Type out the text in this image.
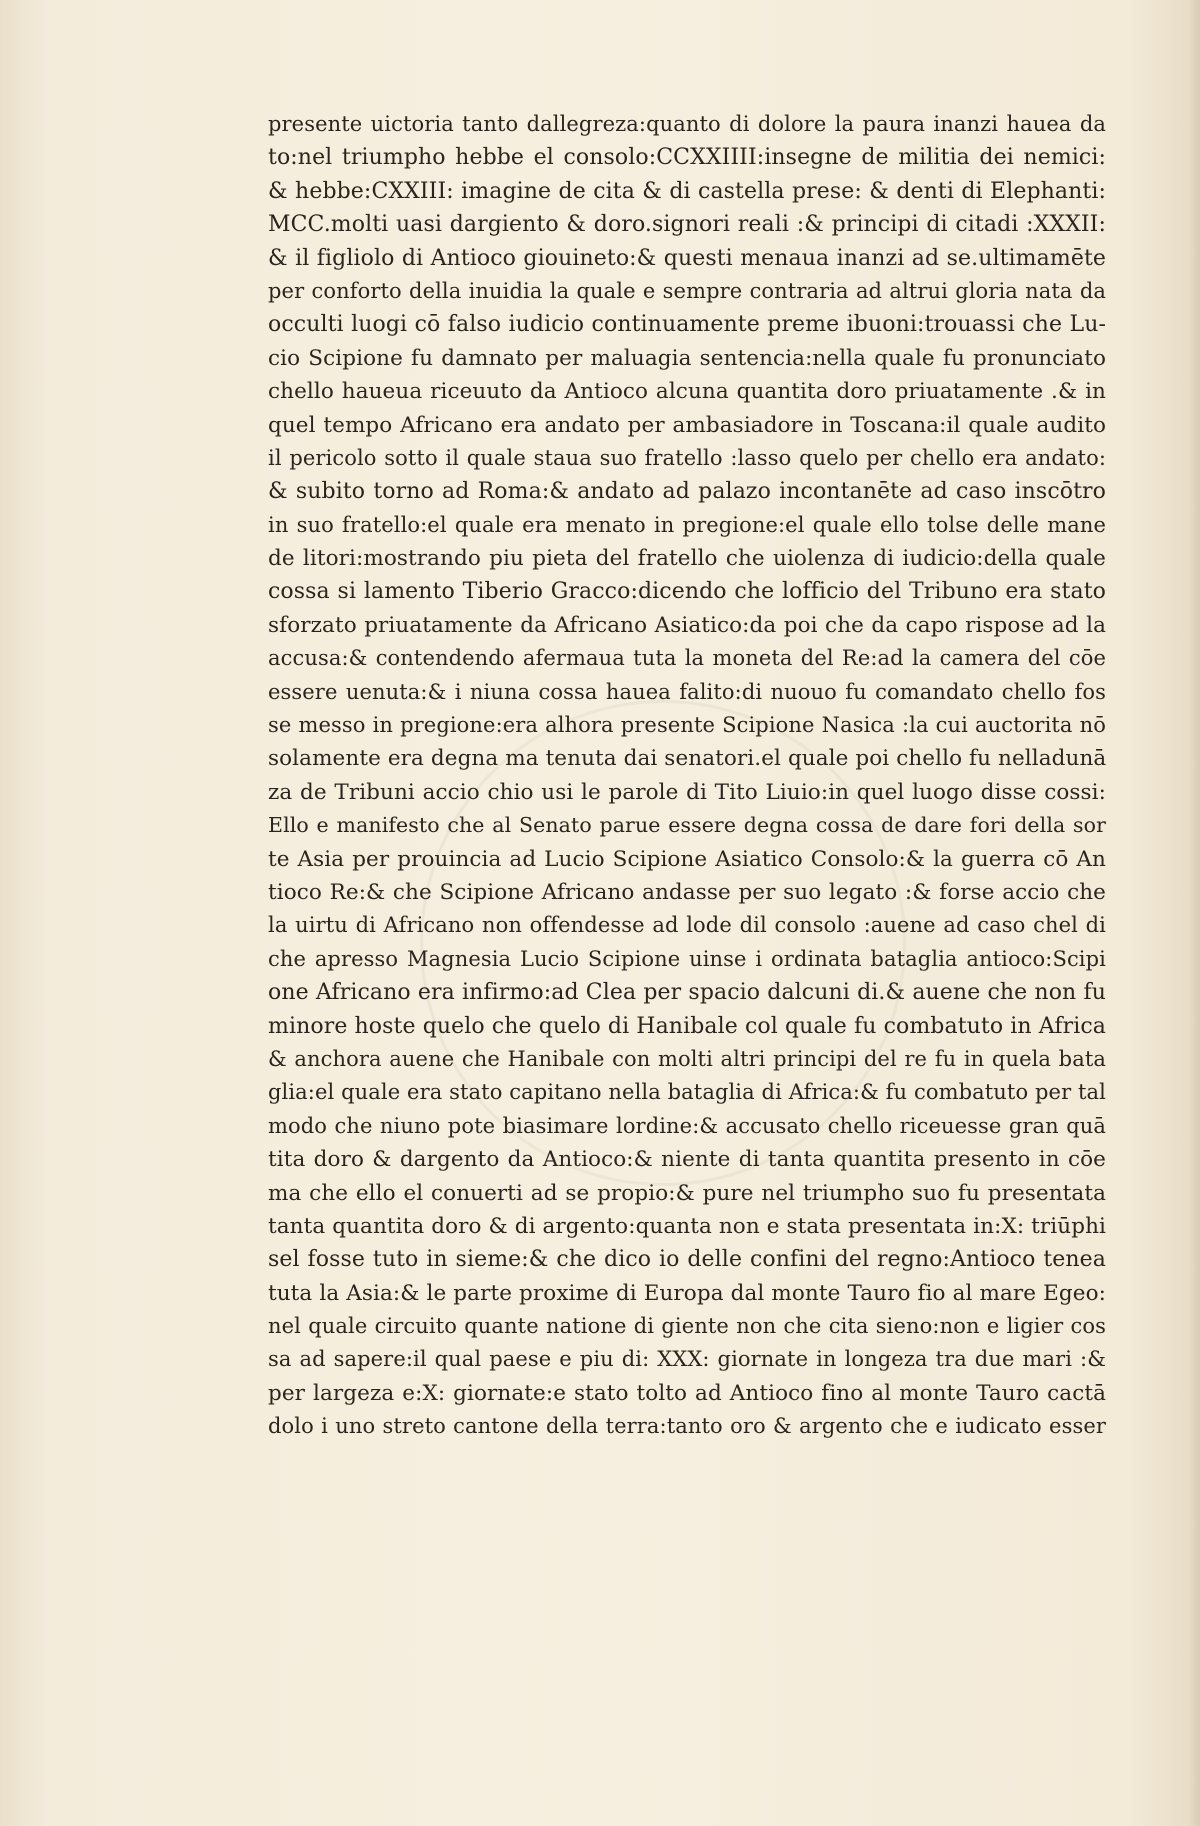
presente uictoria tanto dallegreza:quanto di dolore la paura inanzi hauea da
to:nel triumpho hebbe el consolo:CCXXIIII:insegne de militia dei nemici:
& hebbe:CXXIII: imagine de cita & di castella prese: & denti di Elephanti:
MCC.molti uasi dargiento & doro.signori reali :& principi di citadi :XXXII:
& il figliolo di Antioco giouineto:& questi menaua inanzi ad se.ultimamēte
per conforto della inuidia la quale e sempre contraria ad altrui gloria nata da
occulti luogi cō falso iudicio continuamente preme ibuoni:trouassi che Lu-
cio Scipione fu damnato per maluagia sentencia:nella quale fu pronunciato
chello haueua riceuuto da Antioco alcuna quantita doro priuatamente .& in
quel tempo Africano era andato per ambasiadore in Toscana:il quale audito
il pericolo sotto il quale staua suo fratello :lasso quelo per chello era andato:
& subito torno ad Roma:& andato ad palazo incontanēte ad caso inscōtro
in suo fratello:el quale era menato in pregione:el quale ello tolse delle mane
de litori:mostrando piu pieta del fratello che uiolenza di iudicio:della quale
cossa si lamento Tiberio Gracco:dicendo che lofficio del Tribuno era stato
sforzato priuatamente da Africano Asiatico:da poi che da capo rispose ad la
accusa:& contendendo afermaua tuta la moneta del Re:ad la camera del cōe
essere uenuta:& i niuna cossa hauea falito:di nuouo fu comandato chello fos
se messo in pregione:era alhora presente Scipione Nasica :la cui auctorita nō
solamente era degna ma tenuta dai senatori.el quale poi chello fu nelladunā
za de Tribuni accio chio usi le parole di Tito Liuio:in quel luogo disse cossi:
Ello e manifesto che al Senato parue essere degna cossa de dare fori della sor
te Asia per prouincia ad Lucio Scipione Asiatico Consolo:& la guerra cō An
tioco Re:& che Scipione Africano andasse per suo legato :& forse accio che
la uirtu di Africano non offendesse ad lode dil consolo :auene ad caso chel di
che apresso Magnesia Lucio Scipione uinse i ordinata bataglia antioco:Scipi
one Africano era infirmo:ad Clea per spacio dalcuni di.& auene che non fu
minore hoste quelo che quelo di Hanibale col quale fu combatuto in Africa
& anchora auene che Hanibale con molti altri principi del re fu in quela bata
glia:el quale era stato capitano nella bataglia di Africa:& fu combatuto per tal
modo che niuno pote biasimare lordine:& accusato chello riceuesse gran quā
tita doro & dargento da Antioco:& niente di tanta quantita presento in cōe
ma che ello el conuerti ad se propio:& pure nel triumpho suo fu presentata
tanta quantita doro & di argento:quanta non e stata presentata in:X: triūphi
sel fosse tuto in sieme:& che dico io delle confini del regno:Antioco tenea
tuta la Asia:& le parte proxime di Europa dal monte Tauro fio al mare Egeo:
nel quale circuito quante natione di giente non che cita sieno:non e ligier cos
sa ad sapere:il qual paese e piu di: XXX: giornate in longeza tra due mari :&
per largeza e:X: giornate:e stato tolto ad Antioco fino al monte Tauro cactā
dolo i uno streto cantone della terra:tanto oro & argento che e iudicato esser
